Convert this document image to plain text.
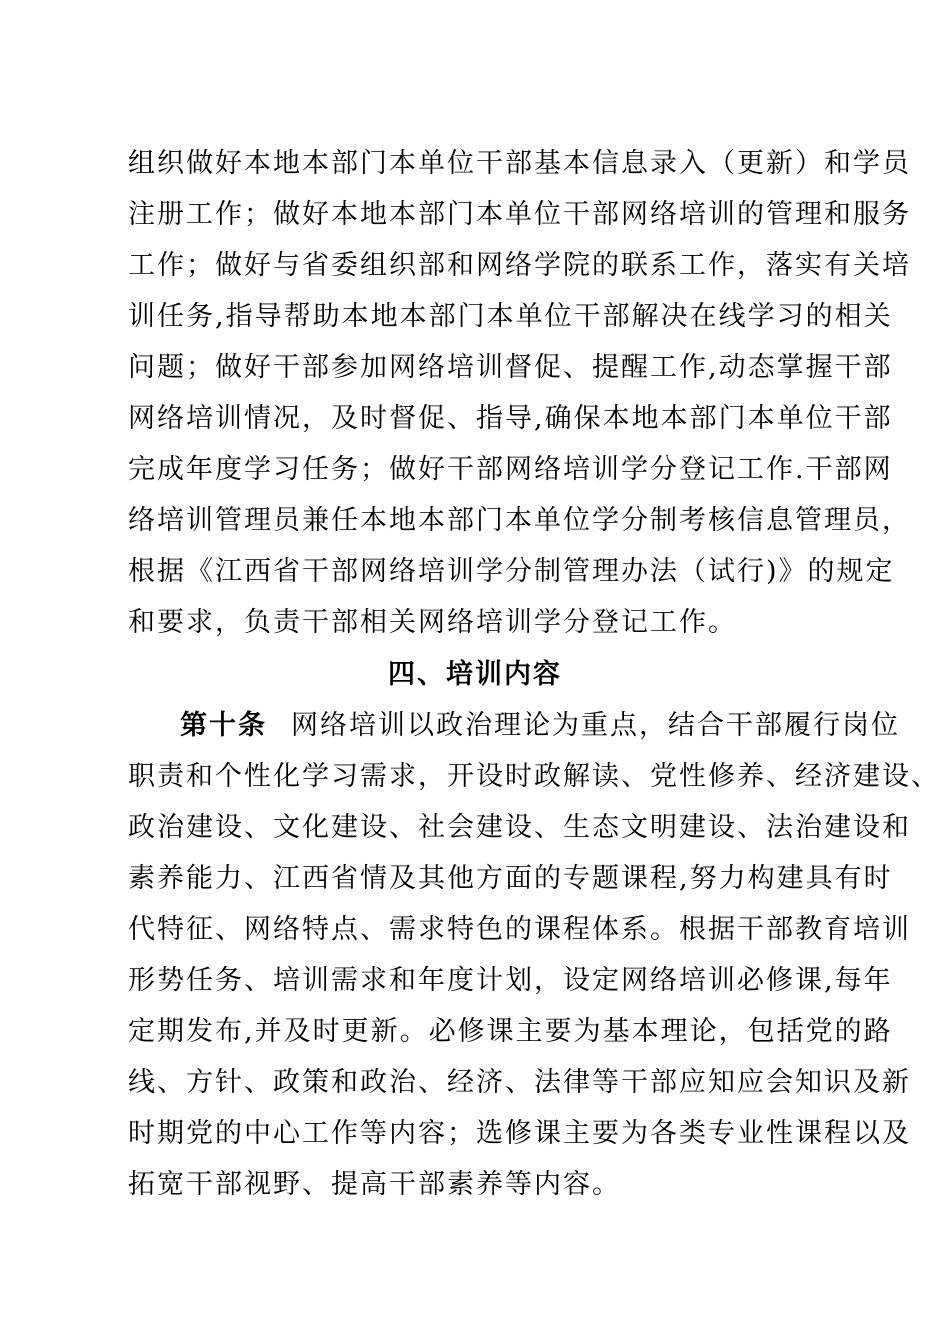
组织做好本地本部门本单位干部基本信息录入（更新）和学员
注册工作；做好本地本部门本单位干部网络培训的管理和服务
工作；做好与省委组织部和网络学院的联系工作，落实有关培
训任务,指导帮助本地本部门本单位干部解决在线学习的相关
问题；做好干部参加网络培训督促、提醒工作,动态掌握干部
网络培训情况，及时督促、指导,确保本地本部门本单位干部
完成年度学习任务；做好干部网络培训学分登记工作.干部网
络培训管理员兼任本地本部门本单位学分制考核信息管理员，
根据《江西省干部网络培训学分制管理办法（试行)》的规定
和要求，负责干部相关网络培训学分登记工作。
四、培训内容
第十条 网络培训以政治理论为重点，结合干部履行岗位
职责和个性化学习需求，开设时政解读、党性修养、经济建设、
政治建设、文化建设、社会建设、生态文明建设、法治建设和
素养能力、江西省情及其他方面的专题课程,努力构建具有时
代特征、网络特点、需求特色的课程体系。根据干部教育培训
形势任务、培训需求和年度计划，设定网络培训必修课,每年
定期发布,并及时更新。必修课主要为基本理论，包括党的路
线、方针、政策和政治、经济、法律等干部应知应会知识及新
时期党的中心工作等内容；选修课主要为各类专业性课程以及
拓宽干部视野、提高干部素养等内容。
